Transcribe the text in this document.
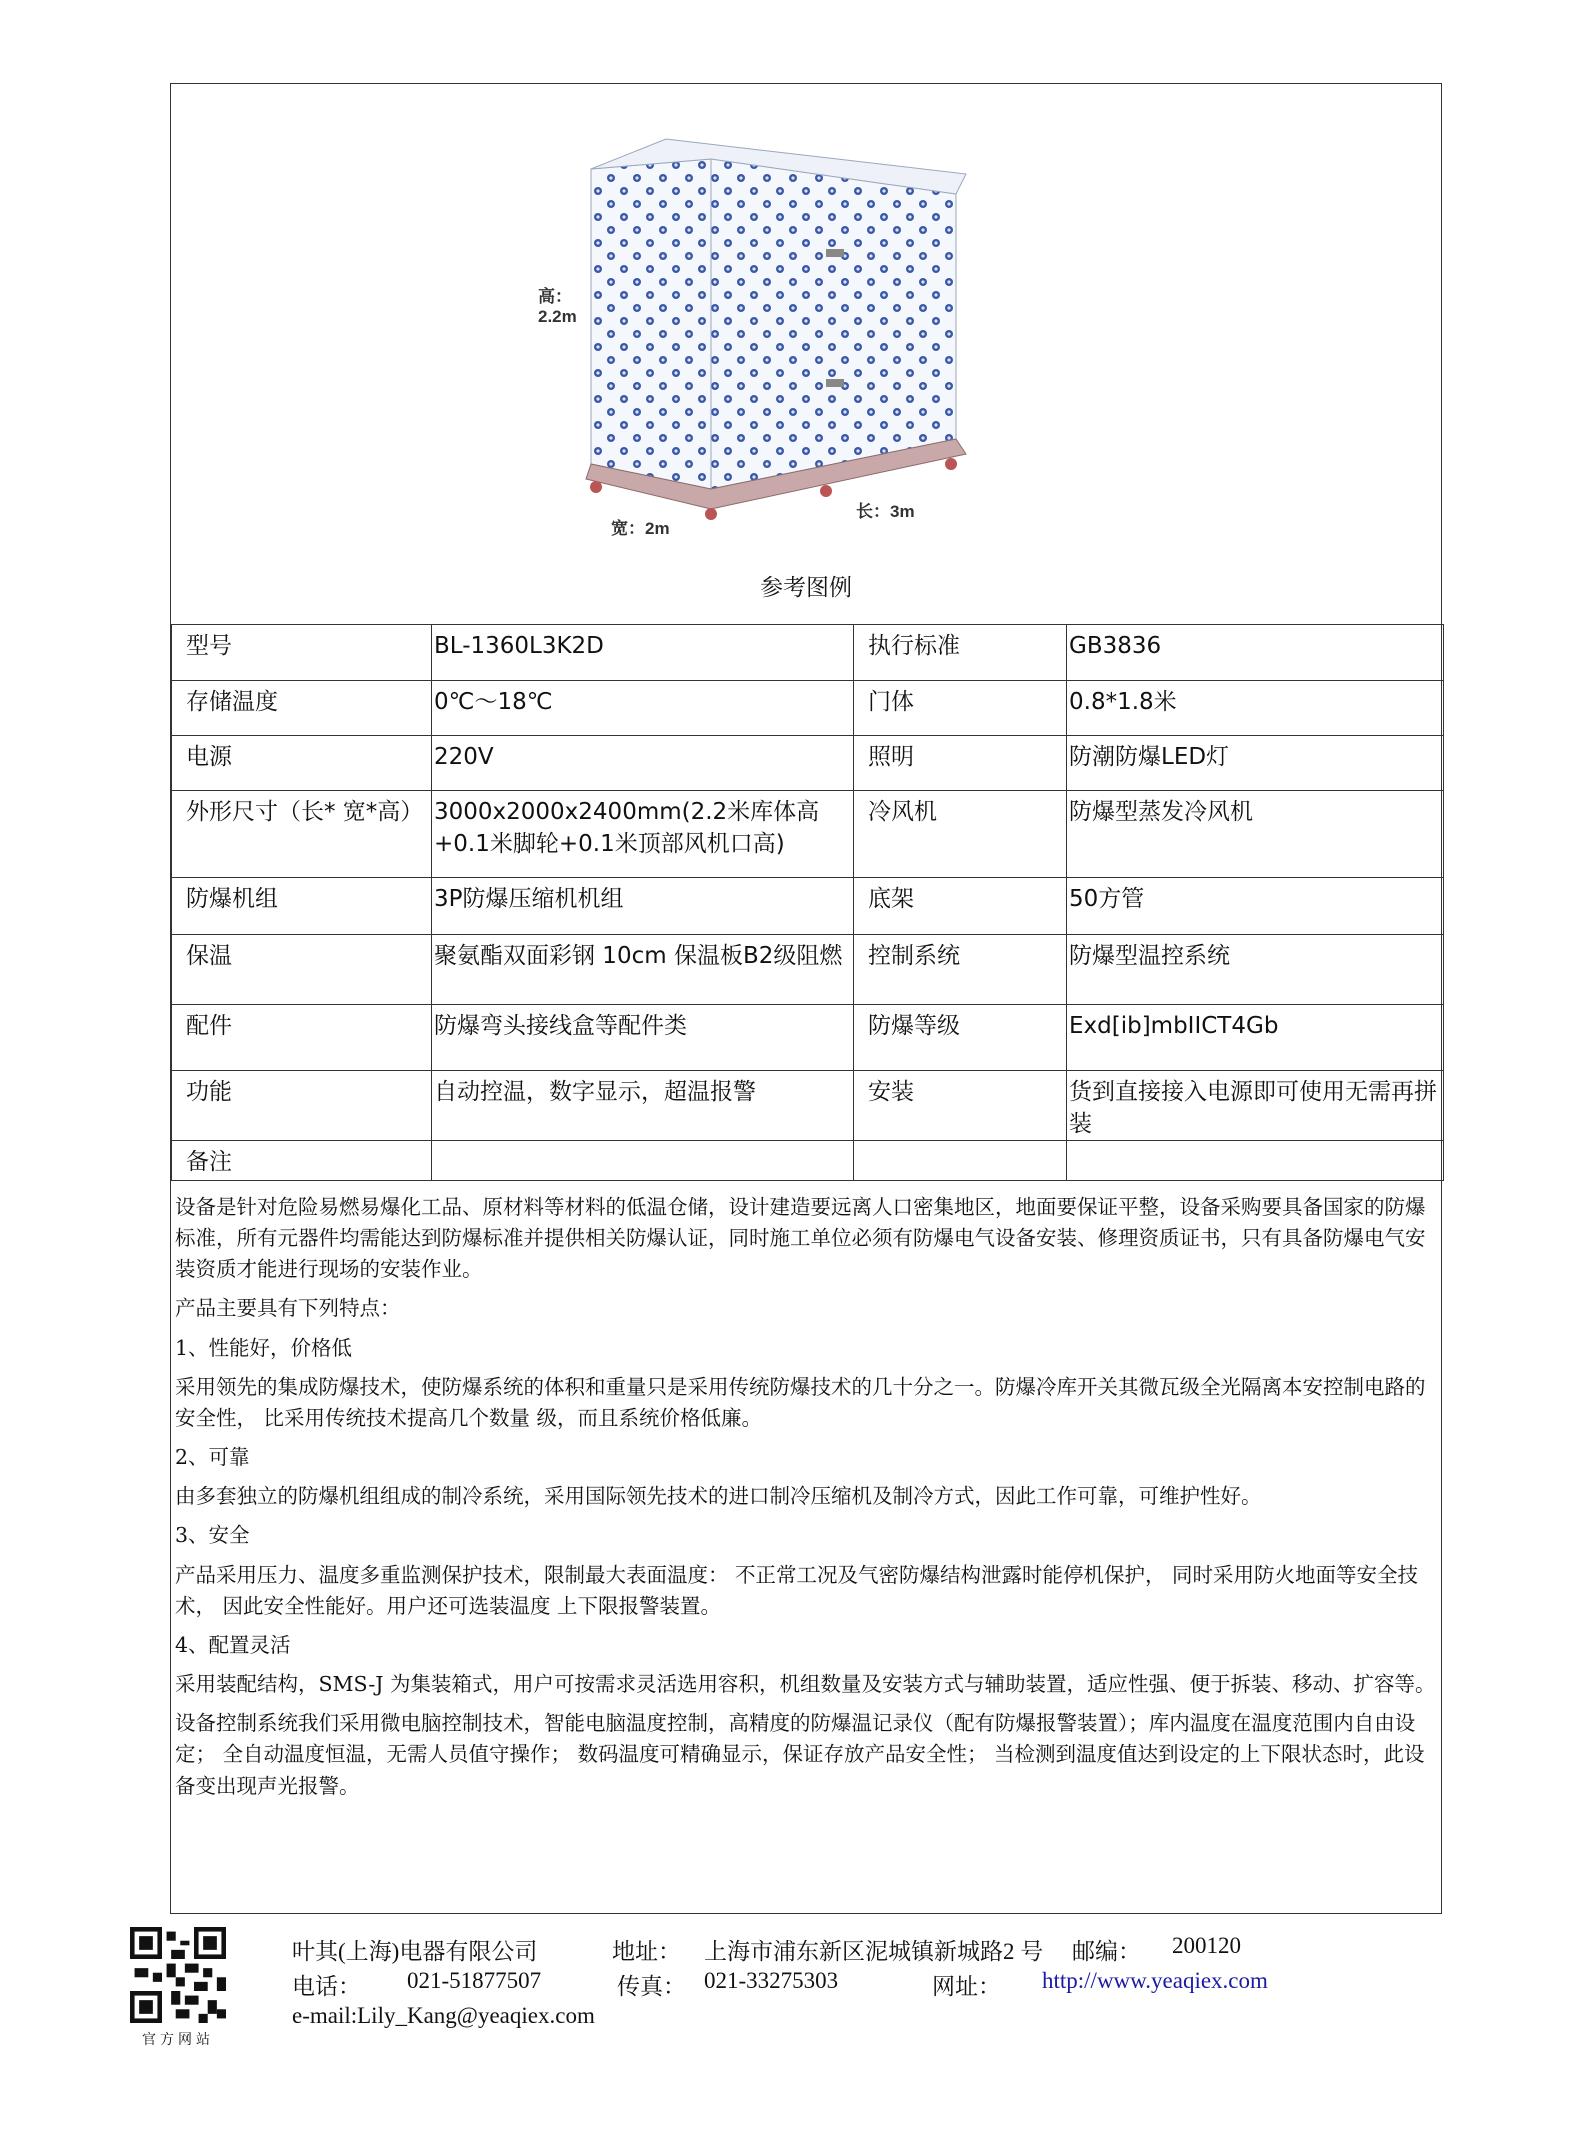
高：
2.2m
宽：2m
长：3m
参考图例
型号	BL-1360L3K2D	执行标准	GB3836
存储温度	0℃～18℃	门体	0.8*1.8米
电源	220V	照明	防潮防爆LED灯
外形尺寸（长* 宽*高）	3000x2000x2400mm(2.2米库体高+0.1米脚轮+0.1米顶部风机口高)	冷风机	防爆型蒸发冷风机
防爆机组	3P防爆压缩机机组	底架	50方管
保温	聚氨酯双面彩钢 10cm 保温板B2级阻燃	控制系统	防爆型温控系统
配件	防爆弯头接线盒等配件类	防爆等级	Exd[ib]mbIICT4Gb
功能	自动控温，数字显示，超温报警	安装	货到直接接入电源即可使用无需再拼装
备注			

设备是针对危险易燃易爆化工品、原材料等材料的低温仓储，设计建造要远离人口密集地区，地面要保证平整，设备采购要具备国家的防爆标准，所有元器件均需能达到防爆标准并提供相关防爆认证，同时施工单位必须有防爆电气设备安装、修理资质证书，只有具备防爆电气安装资质才能进行现场的安装作业。

产品主要具有下列特点：

1、性能好，价格低

采用领先的集成防爆技术，使防爆系统的体积和重量只是采用传统防爆技术的几十分之一。防爆冷库开关其微瓦级全光隔离本安控制电路的安全性， 比采用传统技术提高几个数量 级，而且系统价格低廉。

2、可靠

由多套独立的防爆机组组成的制冷系统，采用国际领先技术的进口制冷压缩机及制冷方式，因此工作可靠，可维护性好。

3、安全

产品采用压力、温度多重监测保护技术，限制最大表面温度： 不正常工况及气密防爆结构泄露时能停机保护， 同时采用防火地面等安全技术， 因此安全性能好。用户还可选装温度 上下限报警装置。

4、配置灵活

采用装配结构，SMS-J 为集装箱式，用户可按需求灵活选用容积，机组数量及安装方式与辅助装置，适应性强、便于拆装、移动、扩容等。

设备控制系统我们采用微电脑控制技术，智能电脑温度控制，高精度的防爆温记录仪（配有防爆报警装置）；库内温度在温度范围内自由设定； 全自动温度恒温，无需人员值守操作； 数码温度可精确显示，保证存放产品安全性； 当检测到温度值达到设定的上下限状态时，此设备变出现声光报警。

官方网站
叶其(上海)电器有限公司	地址： 上海市浦东新区泥城镇新城路2 号 邮编： 200120
电话： 021-51877507	传真： 021-33275303	网址： http://www.yeaqiex.com
e-mail:Lily_Kang@yeaqiex.com
